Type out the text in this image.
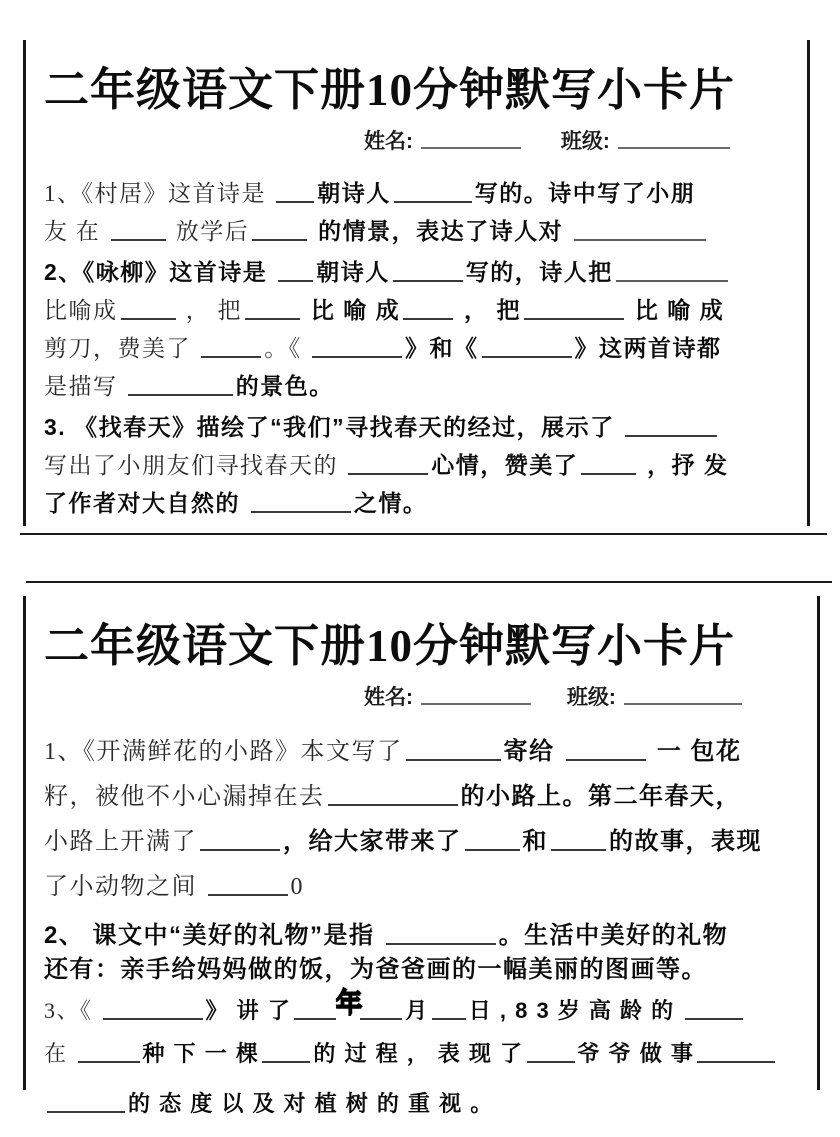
二年级语文下册10分钟默写小卡片
姓名:	班级:
1、《村居》这首诗是 朝诗人	写的。诗中写了小朋
友 在	放学后	的情景，表达了诗人对
2、《咏柳》这首诗是 朝诗人	写的，诗人把
比喻成	， 把	比 喻 成 ， 把	比 喻 成
剪刀，费美了	。《	》和《	》这两首诗都
是描写	的景色。
3. 《找春天》描绘了“我们”寻找春天的经过，展示了
写出了小朋友们寻找春天的	心情，赞美了	，抒 发
了作者对大自然的	之情。
二年级语文下册10分钟默写小卡片
姓名:	班级:
1、《开满鲜花的小路》本文写了	寄给	一 包花
籽，被他不小心漏掉在去	的小路上。第二年春天，
小路上开满了	，给大家带来了	和	的故事，表现
了小动物之间	0
2、 课文中“美好的礼物”是指	。生活中美好的礼物
还有：亲手给妈妈做的饭，为爸爸画的一幅美丽的图画等。
3、《	》 讲 了 年 月 日 , 8 3 岁 高 龄 的
在	种 下 一 棵 的 过 程 ， 表 现 了 爷 爷 做 事
的 态 度 以 及 对 植 树 的 重 视 。
